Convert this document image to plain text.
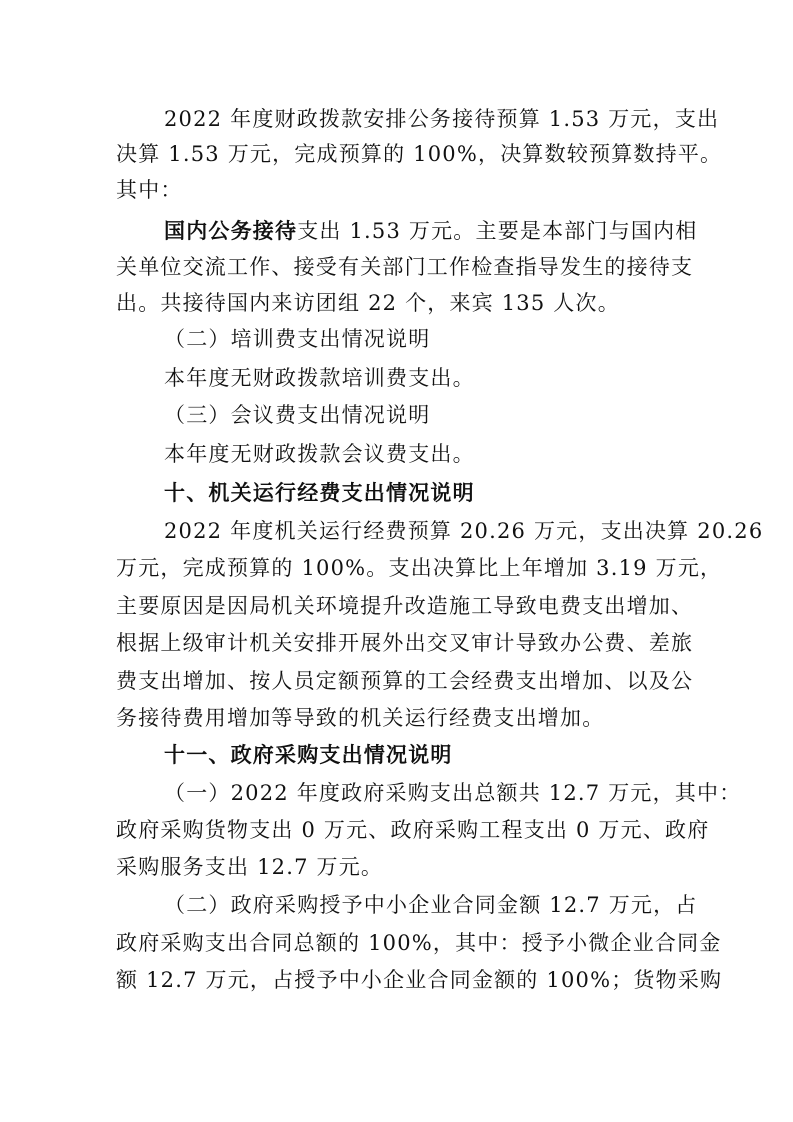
2022 年度财政拨款安排公务接待预算 1.53 万元，支出
决算 1.53 万元，完成预算的 100%，决算数较预算数持平。
其中：
国内公务接待支出 1.53 万元。主要是本部门与国内相
关单位交流工作、接受有关部门工作检查指导发生的接待支
出。共接待国内来访团组 22 个，来宾 135 人次。
（二）培训费支出情况说明
本年度无财政拨款培训费支出。
（三）会议费支出情况说明
本年度无财政拨款会议费支出。
十、机关运行经费支出情况说明
2022 年度机关运行经费预算 20.26 万元，支出决算 20.26
万元，完成预算的 100%。支出决算比上年增加 3.19 万元，
主要原因是因局机关环境提升改造施工导致电费支出增加、
根据上级审计机关安排开展外出交叉审计导致办公费、差旅
费支出增加、按人员定额预算的工会经费支出增加、以及公
务接待费用增加等导致的机关运行经费支出增加。
十一、政府采购支出情况说明
（一）2022 年度政府采购支出总额共 12.7 万元，其中：
政府采购货物支出 0 万元、政府采购工程支出 0 万元、政府
采购服务支出 12.7 万元。
（二）政府采购授予中小企业合同金额 12.7 万元，占
政府采购支出合同总额的 100%，其中：授予小微企业合同金
额 12.7 万元，占授予中小企业合同金额的 100%；货物采购
